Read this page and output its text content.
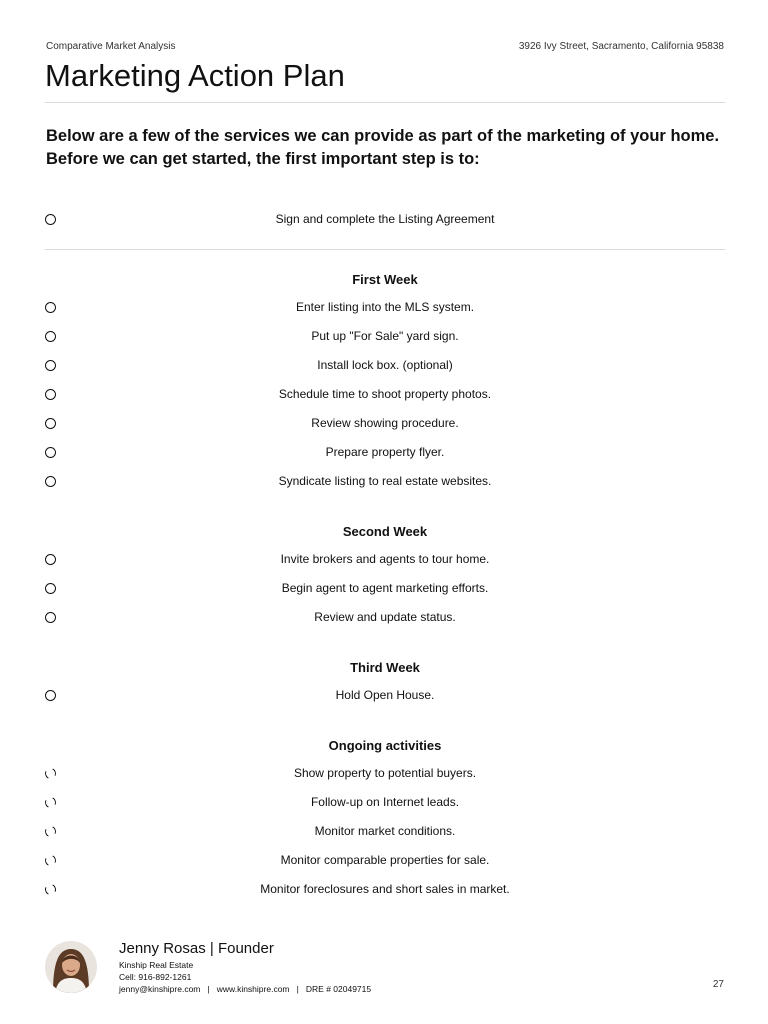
Comparative Market Analysis	3926 Ivy Street, Sacramento, California 95838
Marketing Action Plan
Below are a few of the services we can provide as part of the marketing of your home.
Before we can get started, the first important step is to:
Sign and complete the Listing Agreement
First Week
Enter listing into the MLS system.
Put up "For Sale" yard sign.
Install lock box. (optional)
Schedule time to shoot property photos.
Review showing procedure.
Prepare property flyer.
Syndicate listing to real estate websites.
Second Week
Invite brokers and agents to tour home.
Begin agent to agent marketing efforts.
Review and update status.
Third Week
Hold Open House.
Ongoing activities
Show property to potential buyers.
Follow-up on Internet leads.
Monitor market conditions.
Monitor comparable properties for sale.
Monitor foreclosures and short sales in market.
Jenny Rosas | Founder
Kinship Real Estate
Cell: 916-892-1261
jenny@kinshipre.com   |   www.kinshipre.com   |   DRE # 02049715	27
